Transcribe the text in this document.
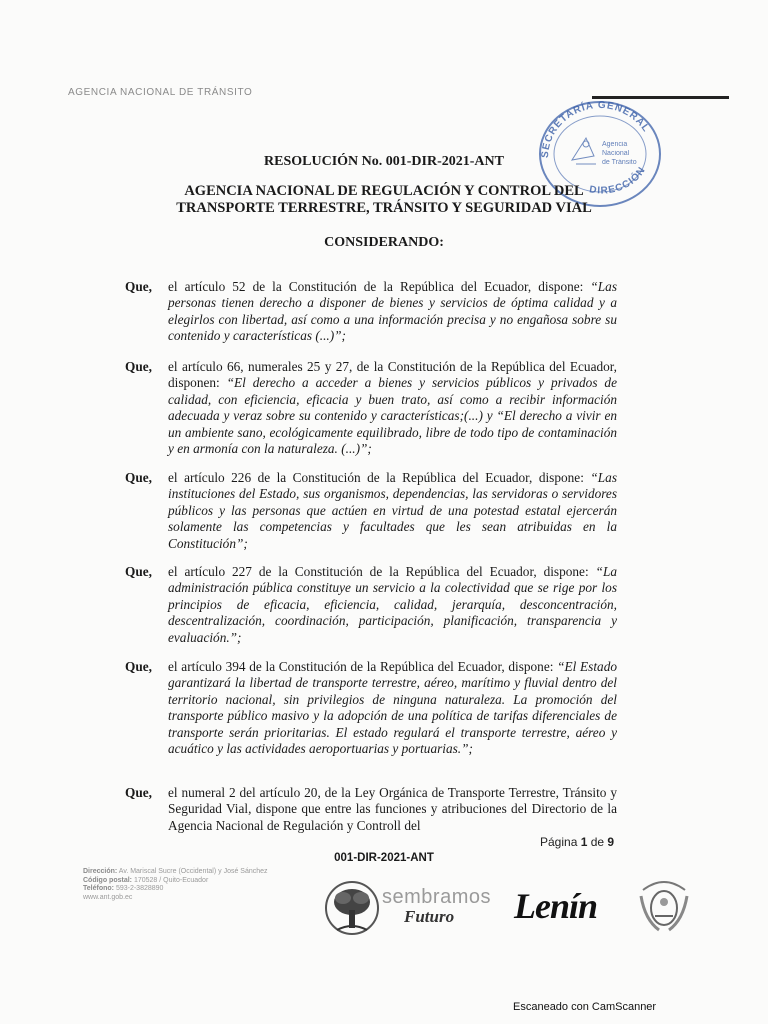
AGENCIA NACIONAL DE TRÁNSITO
SECRETARÍA GENERAL
DIRECCIÓN
Agencia
Nacional
de Tránsito
RESOLUCIÓN No. 001-DIR-2021-ANT
AGENCIA NACIONAL DE REGULACIÓN Y CONTROL DEL
TRANSPORTE TERRESTRE, TRÁNSITO Y SEGURIDAD VIAL
CONSIDERANDO:
Que, el artículo 52 de la Constitución de la República del Ecuador, dispone: “Las personas tienen derecho a disponer de bienes y servicios de óptima calidad y a elegirlos con libertad, así como a una información precisa y no engañosa sobre su contenido y características (...)”;
Que, el artículo 66, numerales 25 y 27, de la Constitución de la República del Ecuador, disponen: “El derecho a acceder a bienes y servicios públicos y privados de calidad, con eficiencia, eficacia y buen trato, así como a recibir información adecuada y veraz sobre su contenido y características;(...) y “El derecho a vivir en un ambiente sano, ecológicamente equilibrado, libre de todo tipo de contaminación y en armonía con la naturaleza. (...)”;
Que, el artículo 226 de la Constitución de la República del Ecuador, dispone: “Las instituciones del Estado, sus organismos, dependencias, las servidoras o servidores públicos y las personas que actúen en virtud de una potestad estatal ejercerán solamente las competencias y facultades que les sean atribuidas en la Constitución”;
Que, el artículo 227 de la Constitución de la República del Ecuador, dispone: “La administración pública constituye un servicio a la colectividad que se rige por los principios de eficacia, eficiencia, calidad, jerarquía, desconcentración, descentralización, coordinación, participación, planificación, transparencia y evaluación.”;
Que, el artículo 394 de la Constitución de la República del Ecuador, dispone: “El Estado garantizará la libertad de transporte terrestre, aéreo, marítimo y fluvial dentro del territorio nacional, sin privilegios de ninguna naturaleza. La promoción del transporte público masivo y la adopción de una política de tarifas diferenciales de transporte serán prioritarias. El estado regulará el transporte terrestre, aéreo y acuático y las actividades aeroportuarias y portuarias.”;
Que, el numeral 2 del artículo 20, de la Ley Orgánica de Transporte Terrestre, Tránsito y Seguridad Vial, dispone que entre las funciones y atribuciones del Directorio de la Agencia Nacional de Regulación y Controll del
Página 1 de 9
001-DIR-2021-ANT
Dirección: Av. Mariscal Sucre (Occidental) y José Sánchez
Código postal: 170528 / Quito-Ecuador
Teléfono: 593-2-3828890
www.ant.gob.ec	sembramos
Futuro	Lenín
Escaneado con CamScanner
